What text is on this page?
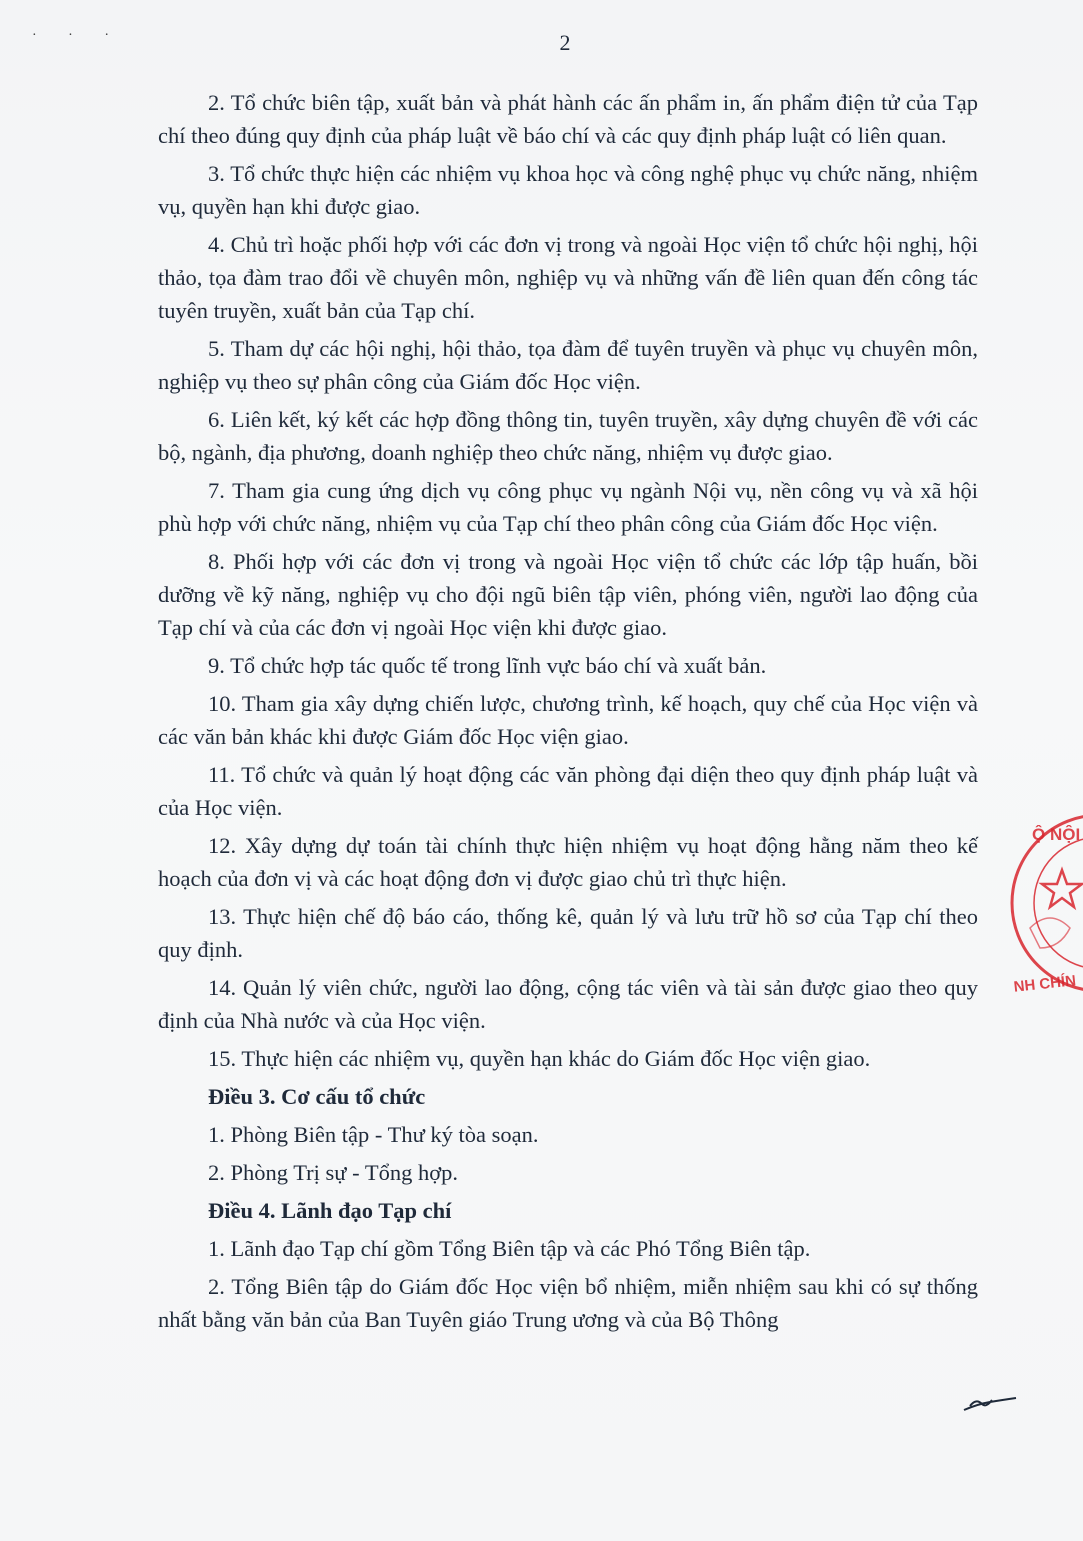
· · ·	2

2. Tổ chức biên tập, xuất bản và phát hành các ấn phẩm in, ấn phẩm điện tử của Tạp chí theo đúng quy định của pháp luật về báo chí và các quy định pháp luật có liên quan.

3. Tổ chức thực hiện các nhiệm vụ khoa học và công nghệ phục vụ chức năng, nhiệm vụ, quyền hạn khi được giao.

4. Chủ trì hoặc phối hợp với các đơn vị trong và ngoài Học viện tổ chức hội nghị, hội thảo, tọa đàm trao đổi về chuyên môn, nghiệp vụ và những vấn đề liên quan đến công tác tuyên truyền, xuất bản của Tạp chí.

5. Tham dự các hội nghị, hội thảo, tọa đàm để tuyên truyền và phục vụ chuyên môn, nghiệp vụ theo sự phân công của Giám đốc Học viện.

6. Liên kết, ký kết các hợp đồng thông tin, tuyên truyền, xây dựng chuyên đề với các bộ, ngành, địa phương, doanh nghiệp theo chức năng, nhiệm vụ được giao.

7. Tham gia cung ứng dịch vụ công phục vụ ngành Nội vụ, nền công vụ và xã hội phù hợp với chức năng, nhiệm vụ của Tạp chí theo phân công của Giám đốc Học viện.

8. Phối hợp với các đơn vị trong và ngoài Học viện tổ chức các lớp tập huấn, bồi dưỡng về kỹ năng, nghiệp vụ cho đội ngũ biên tập viên, phóng viên, người lao động của Tạp chí và của các đơn vị ngoài Học viện khi được giao.

9. Tổ chức hợp tác quốc tế trong lĩnh vực báo chí và xuất bản.

10. Tham gia xây dựng chiến lược, chương trình, kế hoạch, quy chế của Học viện và các văn bản khác khi được Giám đốc Học viện giao.

11. Tổ chức và quản lý hoạt động các văn phòng đại diện theo quy định pháp luật và của Học viện.

12. Xây dựng dự toán tài chính thực hiện nhiệm vụ hoạt động hằng năm theo kế hoạch của đơn vị và các hoạt động đơn vị được giao chủ trì thực hiện.

13. Thực hiện chế độ báo cáo, thống kê, quản lý và lưu trữ hồ sơ của Tạp chí theo quy định.

14. Quản lý viên chức, người lao động, cộng tác viên và tài sản được giao theo quy định của Nhà nước và của Học viện.

15. Thực hiện các nhiệm vụ, quyền hạn khác do Giám đốc Học viện giao.

Điều 3. Cơ cấu tổ chức

1. Phòng Biên tập - Thư ký tòa soạn.

2. Phòng Trị sự - Tổng hợp.

Điều 4. Lãnh đạo Tạp chí

1. Lãnh đạo Tạp chí gồm Tổng Biên tập và các Phó Tổng Biên tập.

2. Tổng Biên tập do Giám đốc Học viện bổ nhiệm, miễn nhiệm sau khi có sự thống nhất bằng văn bản của Ban Tuyên giáo Trung ương và của Bộ Thông

Ộ NỘI
NH CHÍN
